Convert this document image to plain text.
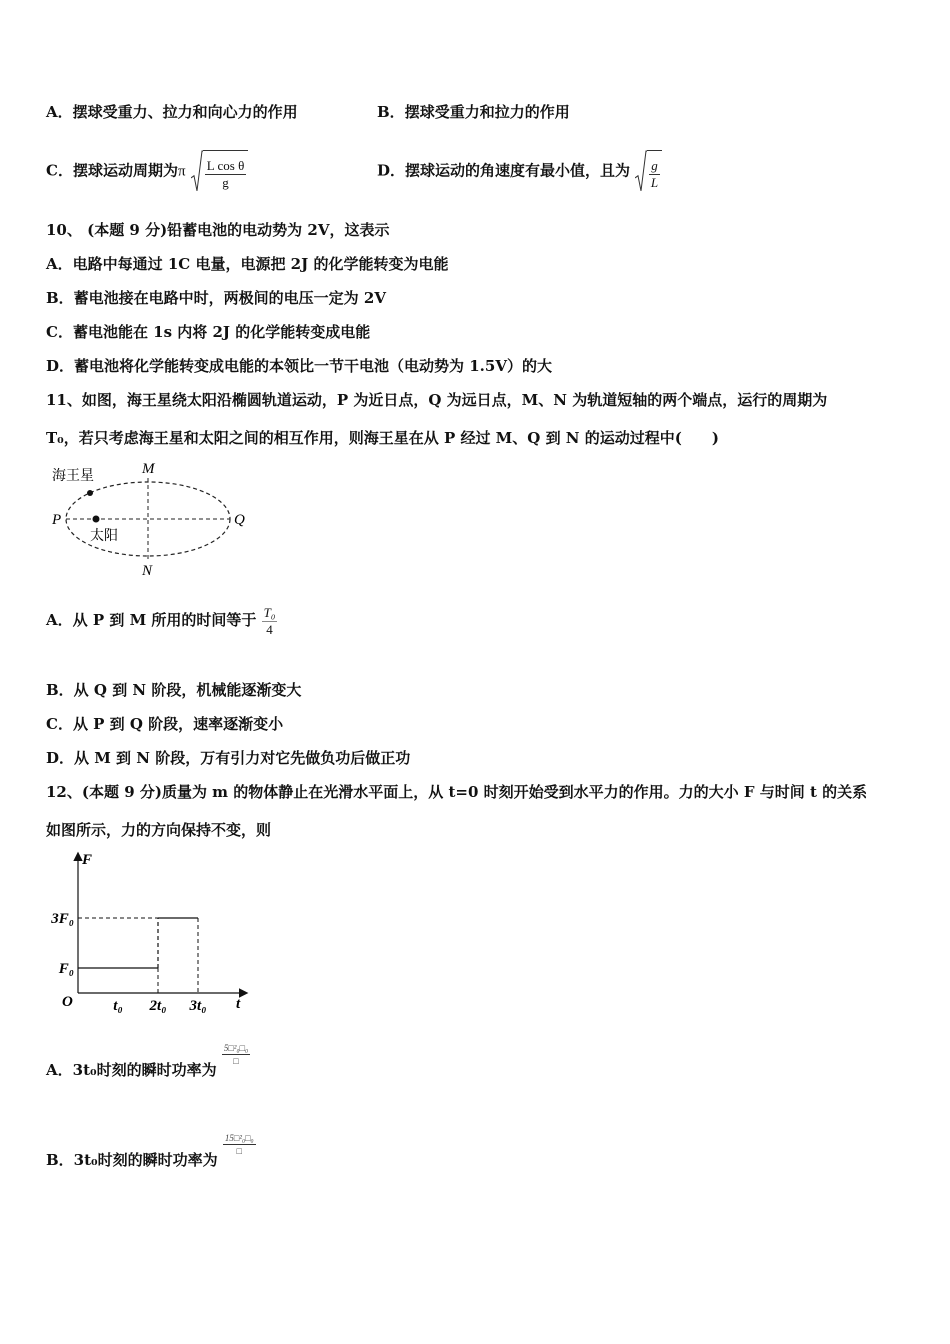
A．摆球受重力、拉力和向心力的作用	B．摆球受重力和拉力的作用
C．摆球运动周期为π $\frac{\text{L cos θ}}{g}$	D．摆球运动的角速度有最小值，且为 $\frac{g}{L}$
10、 (本题 9 分)铅蓄电池的电动势为 2V，这表示
A．电路中每通过 1C 电量，电源把 2J 的化学能转变为电能
B．蓄电池接在电路中时，两极间的电压一定为 2V
C．蓄电池能在 1s 内将 2J 的化学能转变成电能
D．蓄电池将化学能转变成电能的本领比一节干电池（电动势为 1.5V）的大
11、如图，海王星绕太阳沿椭圆轨道运动，P 为近日点，Q 为远日点，M、N 为轨道短轴的两个端点，运行的周期为
T₀，若只考虑海王星和太阳之间的相互作用，则海王星在从 P 经过 M、Q 到 N 的运动过程中(　　)
海王星
太阳
M
N
P	Q
A．从 P 到 M 所用的时间等于 $\frac{\text{T₀}}{4}$
B．从 Q 到 N 阶段，机械能逐渐变大
C．从 P 到 Q 阶段，速率逐渐变小
D．从 M 到 N 阶段，万有引力对它先做负功后做正功
12、(本题 9 分)质量为 m 的物体静止在光滑水平面上，从 t=0 时刻开始受到水平力的作用。力的大小 F 与时间 t 的关系
如图所示，力的方向保持不变，则
F
t
O
F₀
3F₀
t₀ 2t₀ 3t₀
A．3t₀时刻的瞬时功率为
$\frac{\text{5□²₀□₀}}{□}$
B．3t₀时刻的瞬时功率为
$\frac{\text{15□²₀□₀}}{□}$
